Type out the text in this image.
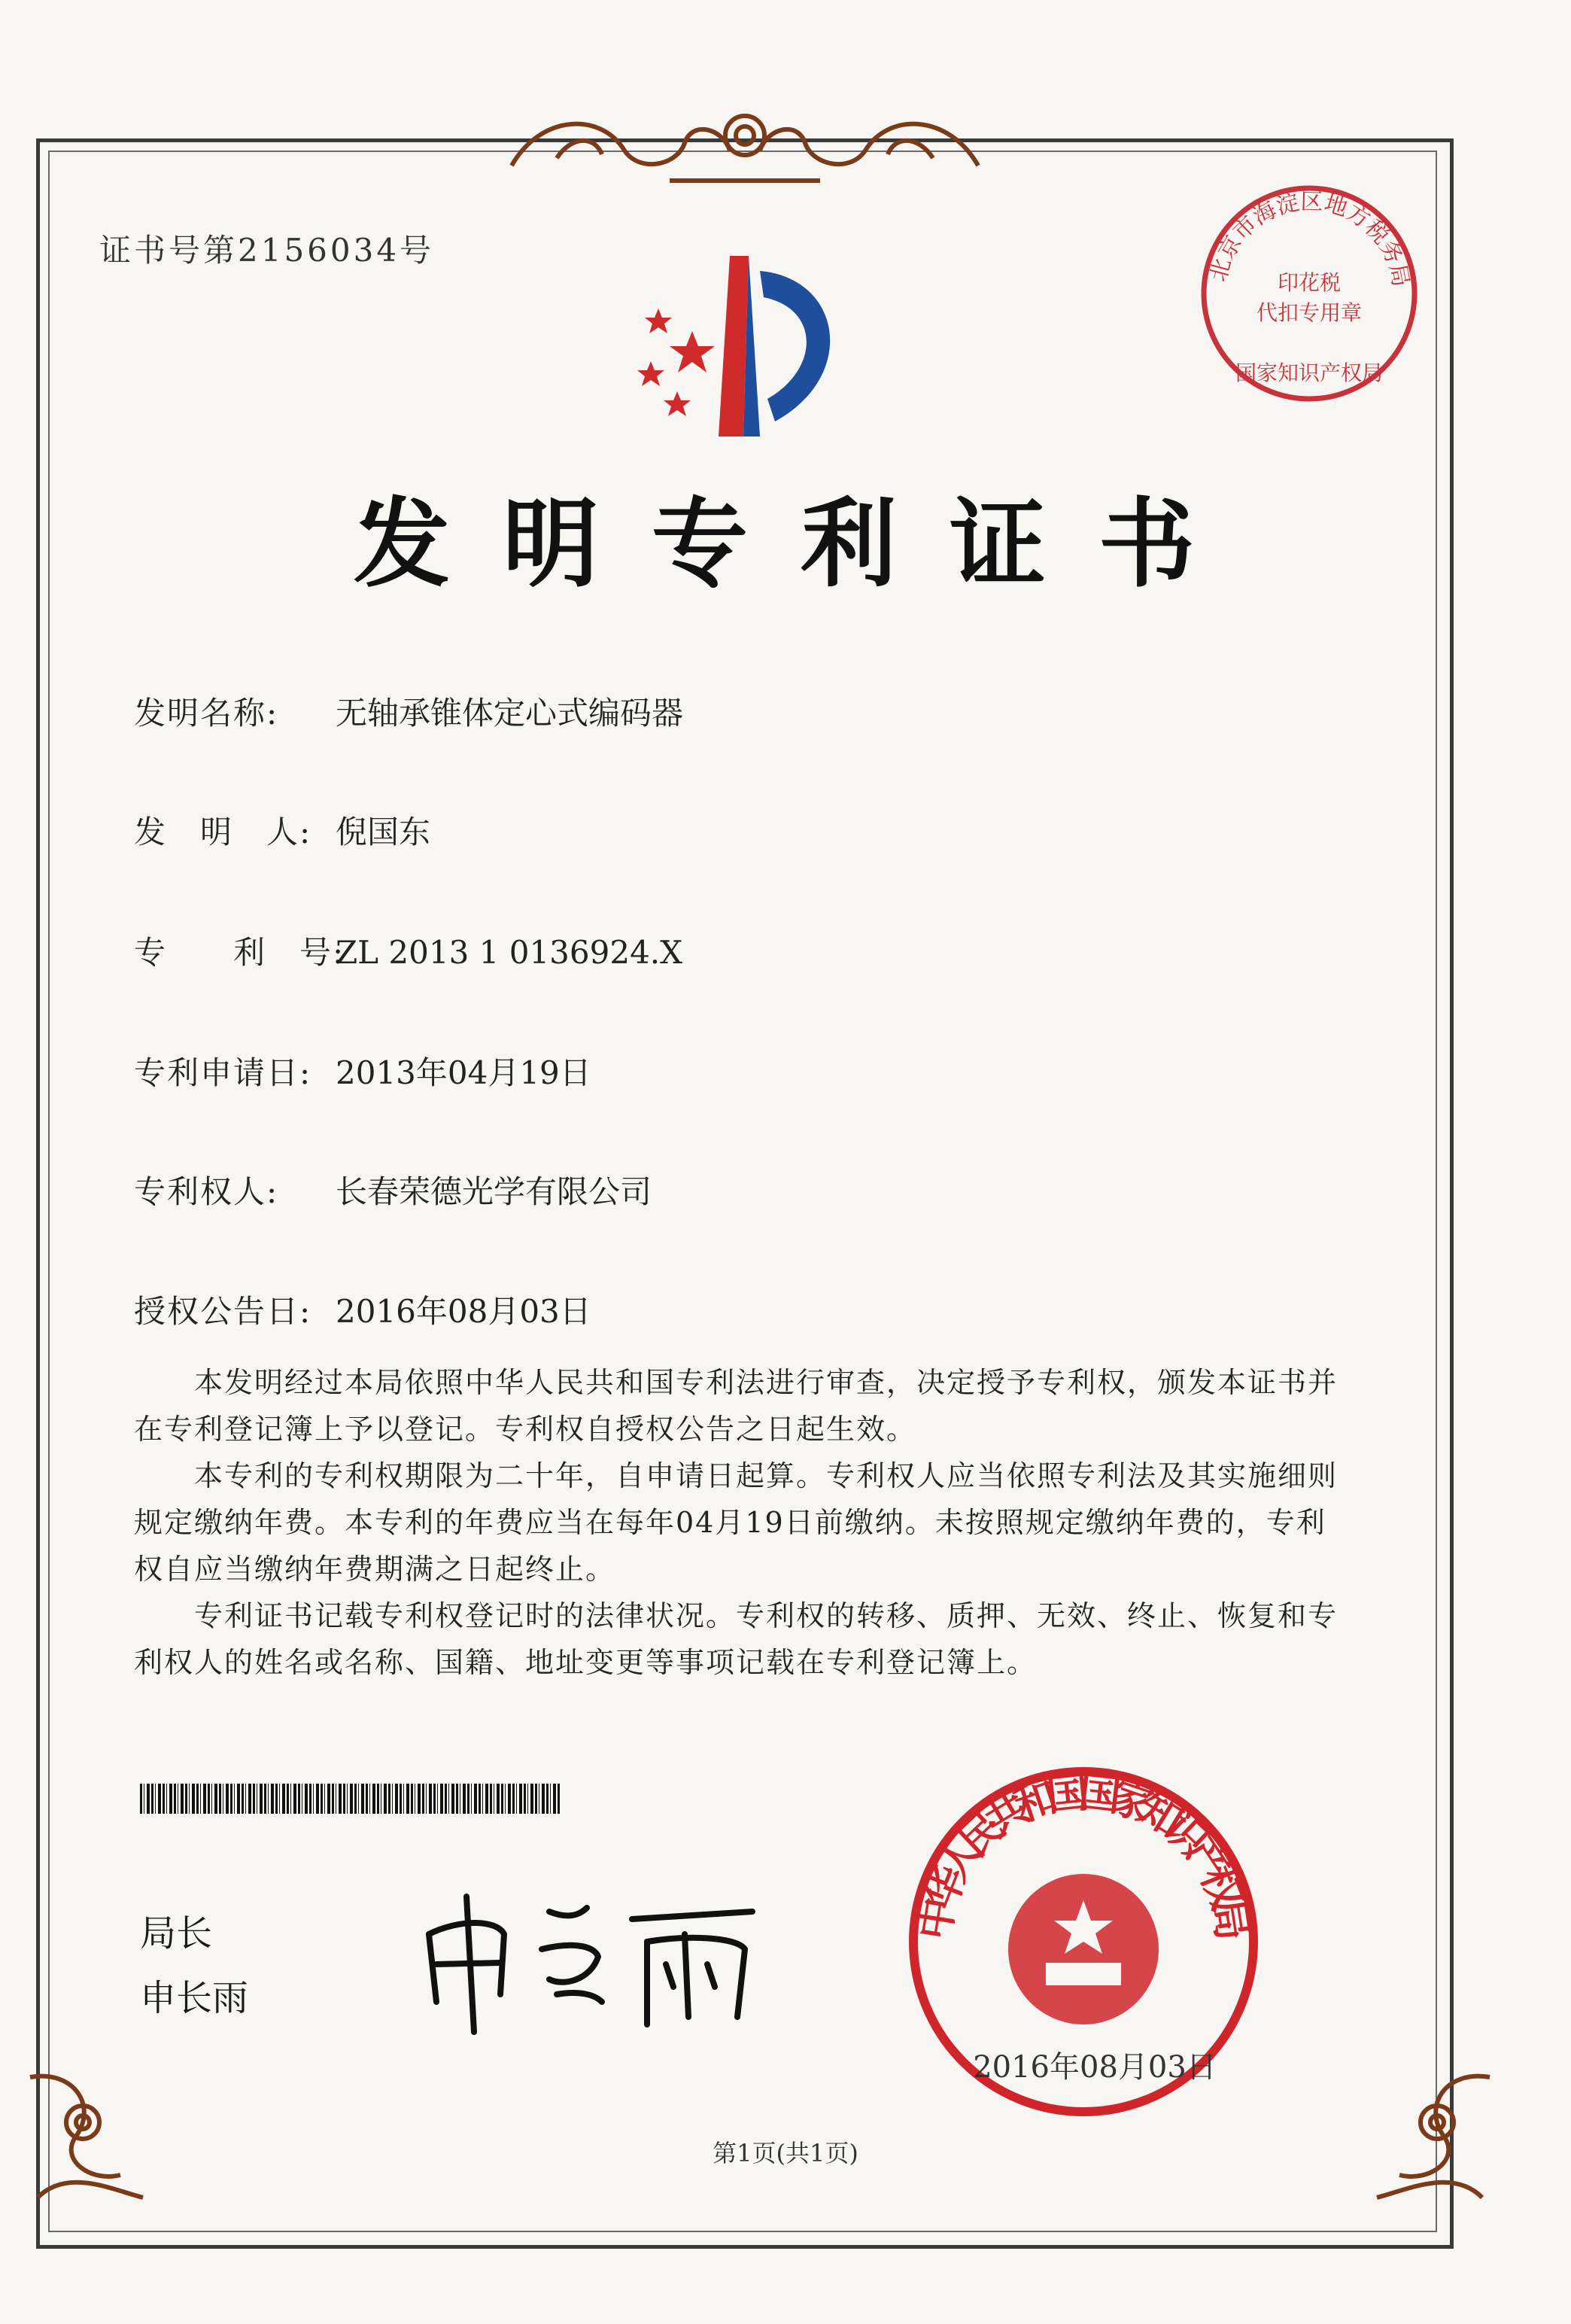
证书号第2156034号
北京市海淀区地方税务局
印花税
代扣专用章
国家知识产权局
发明专利证书
发明名称: 无轴承锥体定心式编码器
发　明　人: 倪国东
专　　利　号:ZL 2013 1 0136924.X
专利申请日: 2013年04月19日
专利权人: 长春荣德光学有限公司
授权公告日: 2016年08月03日
本发明经过本局依照中华人民共和国专利法进行审查，决定授予专利权，颁发本证书并在专利登记簿上予以登记。专利权自授权公告之日起生效。
本专利的专利权期限为二十年，自申请日起算。专利权人应当依照专利法及其实施细则规定缴纳年费。本专利的年费应当在每年04月19日前缴纳。未按照规定缴纳年费的，专利权自应当缴纳年费期满之日起终止。
专利证书记载专利权登记时的法律状况。专利权的转移、质押、无效、终止、恢复和专利权人的姓名或名称、国籍、地址变更等事项记载在专利登记簿上。
局长
申长雨
中华人民共和国国家知识产权局
2016年08月03日
第1页(共1页)
